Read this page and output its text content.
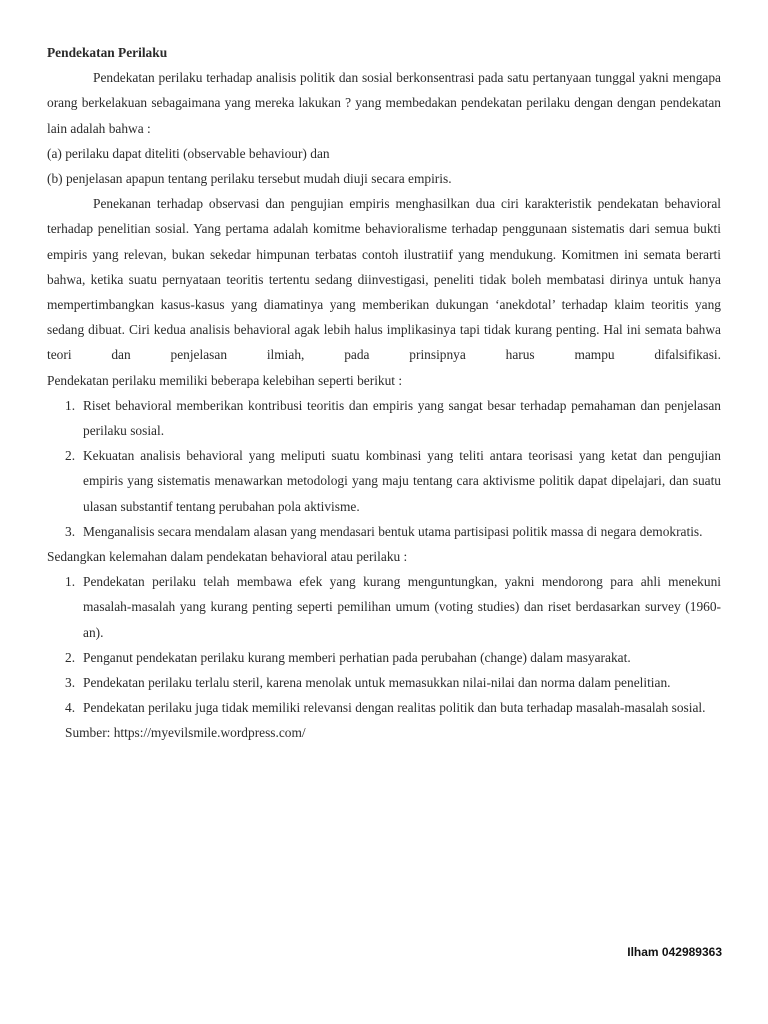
Pendekatan Perilaku

Pendekatan perilaku terhadap analisis politik dan sosial berkonsentrasi pada satu pertanyaan tunggal yakni mengapa orang berkelakuan sebagaimana yang mereka lakukan ? yang membedakan pendekatan perilaku dengan dengan pendekatan lain adalah bahwa :

(a) perilaku dapat diteliti (observable behaviour) dan

(b) penjelasan apapun tentang perilaku tersebut mudah diuji secara empiris.

Penekanan terhadap observasi dan pengujian empiris menghasilkan dua ciri karakteristik pendekatan behavioral terhadap penelitian sosial. Yang pertama adalah komitme behavioralisme terhadap penggunaan sistematis dari semua bukti empiris yang relevan, bukan sekedar himpunan terbatas contoh ilustratiif yang mendukung. Komitmen ini semata berarti bahwa, ketika suatu pernyataan teoritis tertentu sedang diinvestigasi, peneliti tidak boleh membatasi dirinya untuk hanya mempertimbangkan kasus-kasus yang diamatinya yang memberikan dukungan ‘anekdotal’ terhadap klaim teoritis yang sedang dibuat. Ciri kedua analisis behavioral agak lebih halus implikasinya tapi tidak kurang penting. Hal ini semata bahwa teori dan penjelasan ilmiah, pada prinsipnya harus mampu difalsifikasi.

Pendekatan perilaku memiliki beberapa kelebihan seperti berikut :

1. Riset behavioral memberikan kontribusi teoritis dan empiris yang sangat besar terhadap pemahaman dan penjelasan perilaku sosial.
2. Kekuatan analisis behavioral yang meliputi suatu kombinasi yang teliti antara teorisasi yang ketat dan pengujian empiris yang sistematis menawarkan metodologi yang maju tentang cara aktivisme politik dapat dipelajari, dan suatu ulasan substantif tentang perubahan pola aktivisme.
3. Menganalisis secara mendalam alasan yang mendasari bentuk utama partisipasi politik massa di negara demokratis.

Sedangkan kelemahan dalam pendekatan behavioral atau perilaku :

1. Pendekatan perilaku telah membawa efek yang kurang menguntungkan, yakni mendorong para ahli menekuni masalah-masalah yang kurang penting seperti pemilihan umum (voting studies) dan riset berdasarkan survey (1960-an).
2. Penganut pendekatan perilaku kurang memberi perhatian pada perubahan (change) dalam masyarakat.
3. Pendekatan perilaku terlalu steril, karena menolak untuk memasukkan nilai-nilai dan norma dalam penelitian.
4. Pendekatan perilaku juga tidak memiliki relevansi dengan realitas politik dan buta terhadap masalah-masalah sosial.

Sumber: https://myevilsmile.wordpress.com/

Ilham 042989363
